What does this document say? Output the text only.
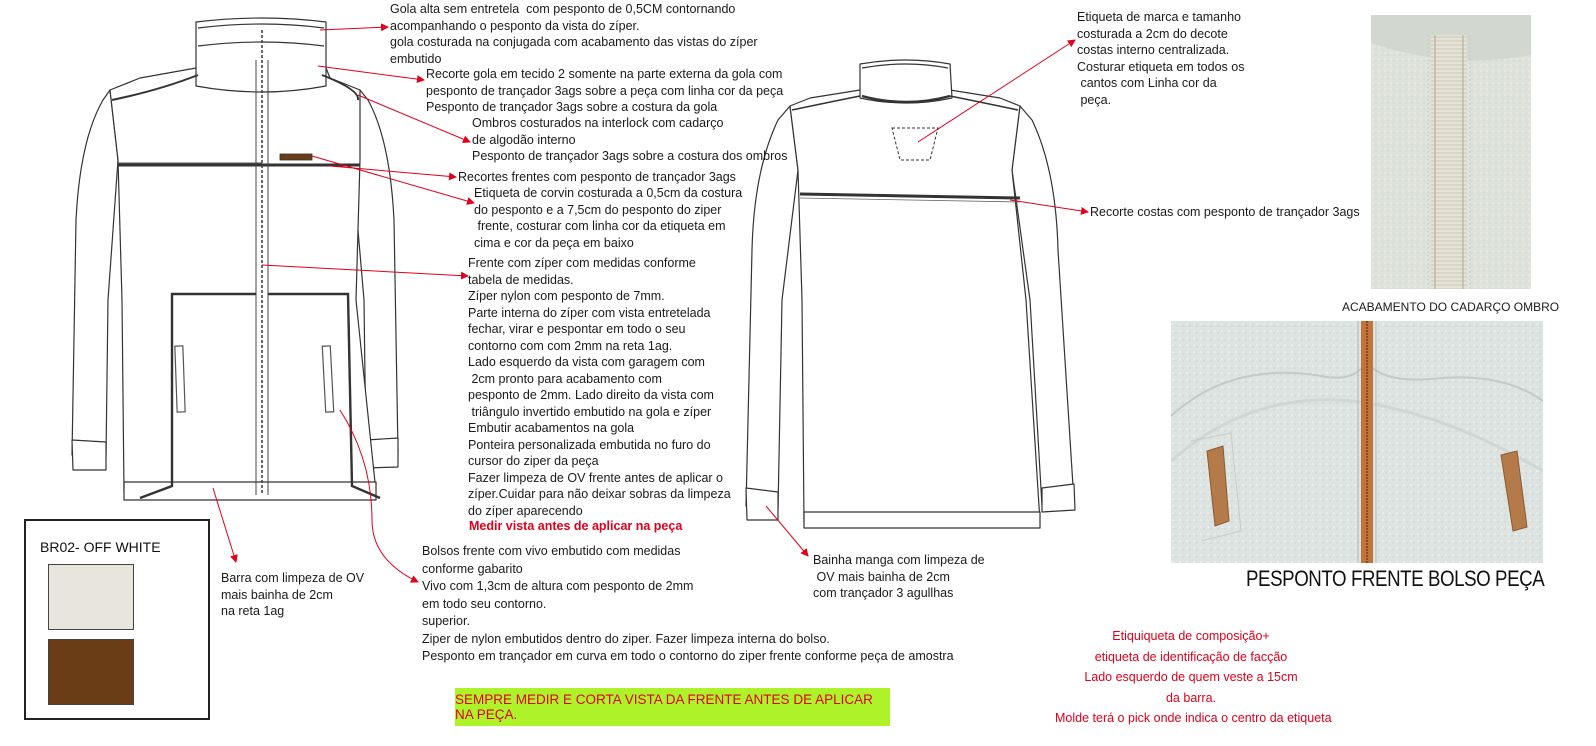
Gola alta sem entretela  com pesponto de 0,5CM contornando
acompanhando o pesponto da vista do zíper.
gola costurada na conjugada com acabamento das vistas do zíper
embutido

Recorte gola em tecido 2 somente na parte externa da gola com
pesponto de trançador 3ags sobre a peça com linha cor da peça
Pesponto de trançador 3ags sobre a costura da gola

Ombros costurados na interlock com cadarço
de algodão interno
Pesponto de trançador 3ags sobre a costura dos ombros

Recortes frentes com pesponto de trançador 3ags

Etiqueta de corvin costurada a 0,5cm da costura
do pesponto e a 7,5cm do pesponto do ziper
frente, costurar com linha cor da etiqueta em
cima e cor da peça em baixo

Frente com zíper com medidas conforme
tabela de medidas.
Zíper nylon com pesponto de 7mm.
Parte interna do zíper com vista entretelada
fechar, virar e pespontar em todo o seu
contorno com com 2mm na reta 1ag.
Lado esquerdo da vista com garagem com
2cm pronto para acabamento com
pesponto de 2mm. Lado direito da vista com
triângulo invertido embutido na gola e zíper
Embutir acabamentos na gola
Ponteira personalizada embutida no furo do
cursor do ziper da peça
Fazer limpeza de OV frente antes de aplicar o
zíper.Cuidar para não deixar sobras da limpeza
do zíper aparecendo

Medir vista antes de aplicar na peça

Barra com limpeza de OV
mais bainha de 2cm
na reta 1ag

Bolsos frente com vivo embutido com medidas
conforme gabarito
Vivo com 1,3cm de altura com pesponto de 2mm
em todo seu contorno.
superior.
Ziper de nylon embutidos dentro do ziper. Fazer limpeza interna do bolso.
Pesponto em trançador em curva em todo o contorno do ziper frente conforme peça de amostra

Etiqueta de marca e tamanho
costurada a 2cm do decote
costas interno centralizada.
Costurar etiqueta em todos os
cantos com Linha cor da
peça.

Recorte costas com pesponto de trançador 3ags

Bainha manga com limpeza de
OV mais bainha de 2cm
com trançador 3 agullhas

BR02- OFF WHITE
SEMPRE MEDIR E CORTA VISTA DA FRENTE ANTES DE APLICAR NA PEÇA.

ACABAMENTO DO CADARÇO OMBRO

PESPONTO FRENTE BOLSO PEÇA

Etiquiqueta de composição+
etiqueta de identificação de facção
Lado esquerdo de quem veste a 15cm
da barra.
Molde terá o pick onde indica o centro da etiqueta
